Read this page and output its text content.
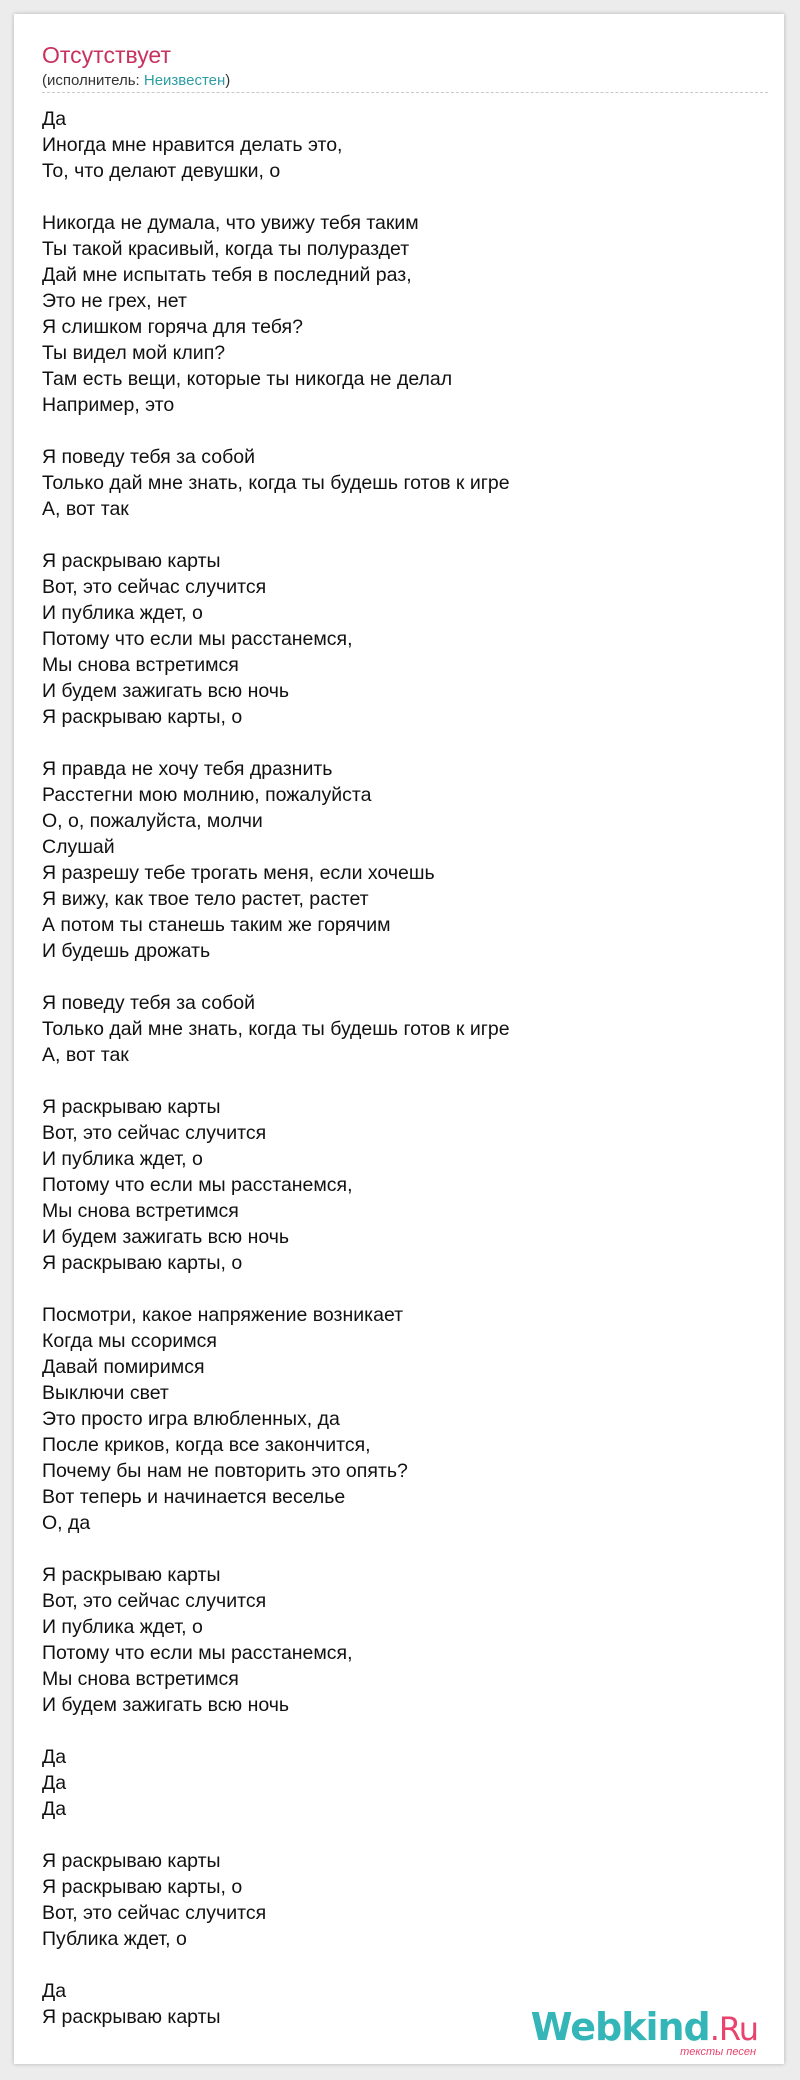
Отсутствует
(исполнитель: Неизвестен)
Да
Иногда мне нравится делать это,
То, что делают девушки, о
Никогда не думала, что увижу тебя таким
Ты такой красивый, когда ты полураздет
Дай мне испытать тебя в последний раз,
Это не грех, нет
Я слишком горяча для тебя?
Ты видел мой клип?
Там есть вещи, которые ты никогда не делал
Например, это
Я поведу тебя за собой
Только дай мне знать, когда ты будешь готов к игре
А, вот так
Я раскрываю карты
Вот, это сейчас случится
И публика ждет, о
Потому что если мы расстанемся,
Мы снова встретимся
И будем зажигать всю ночь
Я раскрываю карты, о
Я правда не хочу тебя дразнить
Расстегни мою молнию, пожалуйста
О, о, пожалуйста, молчи
Слушай
Я разрешу тебе трогать меня, если хочешь
Я вижу, как твое тело растет, растет
А потом ты станешь таким же горячим
И будешь дрожать
Я поведу тебя за собой
Только дай мне знать, когда ты будешь готов к игре
А, вот так
Я раскрываю карты
Вот, это сейчас случится
И публика ждет, о
Потому что если мы расстанемся,
Мы снова встретимся
И будем зажигать всю ночь
Я раскрываю карты, о
Посмотри, какое напряжение возникает
Когда мы ссоримся
Давай помиримся
Выключи свет
Это просто игра влюбленных, да
После криков, когда все закончится,
Почему бы нам не повторить это опять?
Вот теперь и начинается веселье
О, да
Я раскрываю карты
Вот, это сейчас случится
И публика ждет, о
Потому что если мы расстанемся,
Мы снова встретимся
И будем зажигать всю ночь
Да
Да
Да
Я раскрываю карты
Я раскрываю карты, о
Вот, это сейчас случится
Публика ждет, о
Да
Я раскрываю карты	Webkind.Ru
тексты песен
